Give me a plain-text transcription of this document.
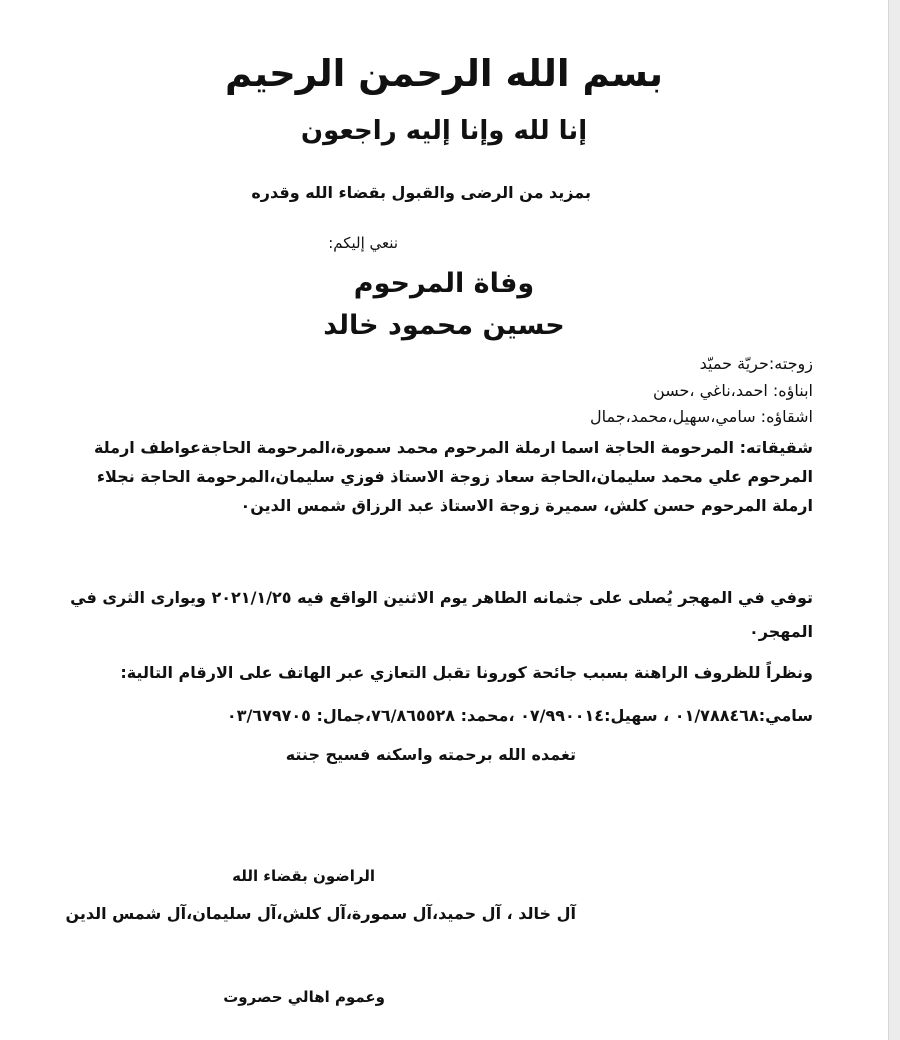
بسم الله الرحمن الرحيم
إنا لله وإنا إليه راجعون
بمزيد من الرضى والقبول بقضاء الله وقدره
ننعي إليكم:
وفاة المرحوم
حسين محمود خالد
زوجته:حريّة حميّد
ابناؤه: احمد،ناغي ،حسن
اشقاؤه: سامي،سهيل،محمد،جمال
شقيقاته: المرحومة الحاجة اسما ارملة المرحوم محمد سمورة،المرحومة الحاجةعواطف ارملة المرحوم علي محمد سليمان،الحاجة سعاد زوجة الاستاذ فوزي سليمان،المرحومة الحاجة نجلاء ارملة المرحوم حسن كلش، سميرة زوجة الاستاذ عبد الرزاق شمس الدين٠
توفي في المهجر يُصلى على جثمانه الطاهر يوم الاثنين الواقع فيه ٢٠٢١/١/٢٥ ويوارى الثرى في المهجر٠
ونظراً للظروف الراهنة بسبب جائحة كورونا تقبل التعازي عبر الهاتف على الارقام التالية:
سامي:٠١/٧٨٨٤٦٨ ، سهيل:٠٧/٩٩٠٠١٤ ،محمد: ٧٦/٨٦٥٥٢٨،جمال: ٠٣/٦٧٩٧٠٥
تغمده الله برحمته واسكنه فسيح جنته
الراضون بقضاء الله
آل خالد ، آل حميد،آل سمورة،آل كلش،آل سليمان،آل شمس الدين
وعموم اهالي حصروت
